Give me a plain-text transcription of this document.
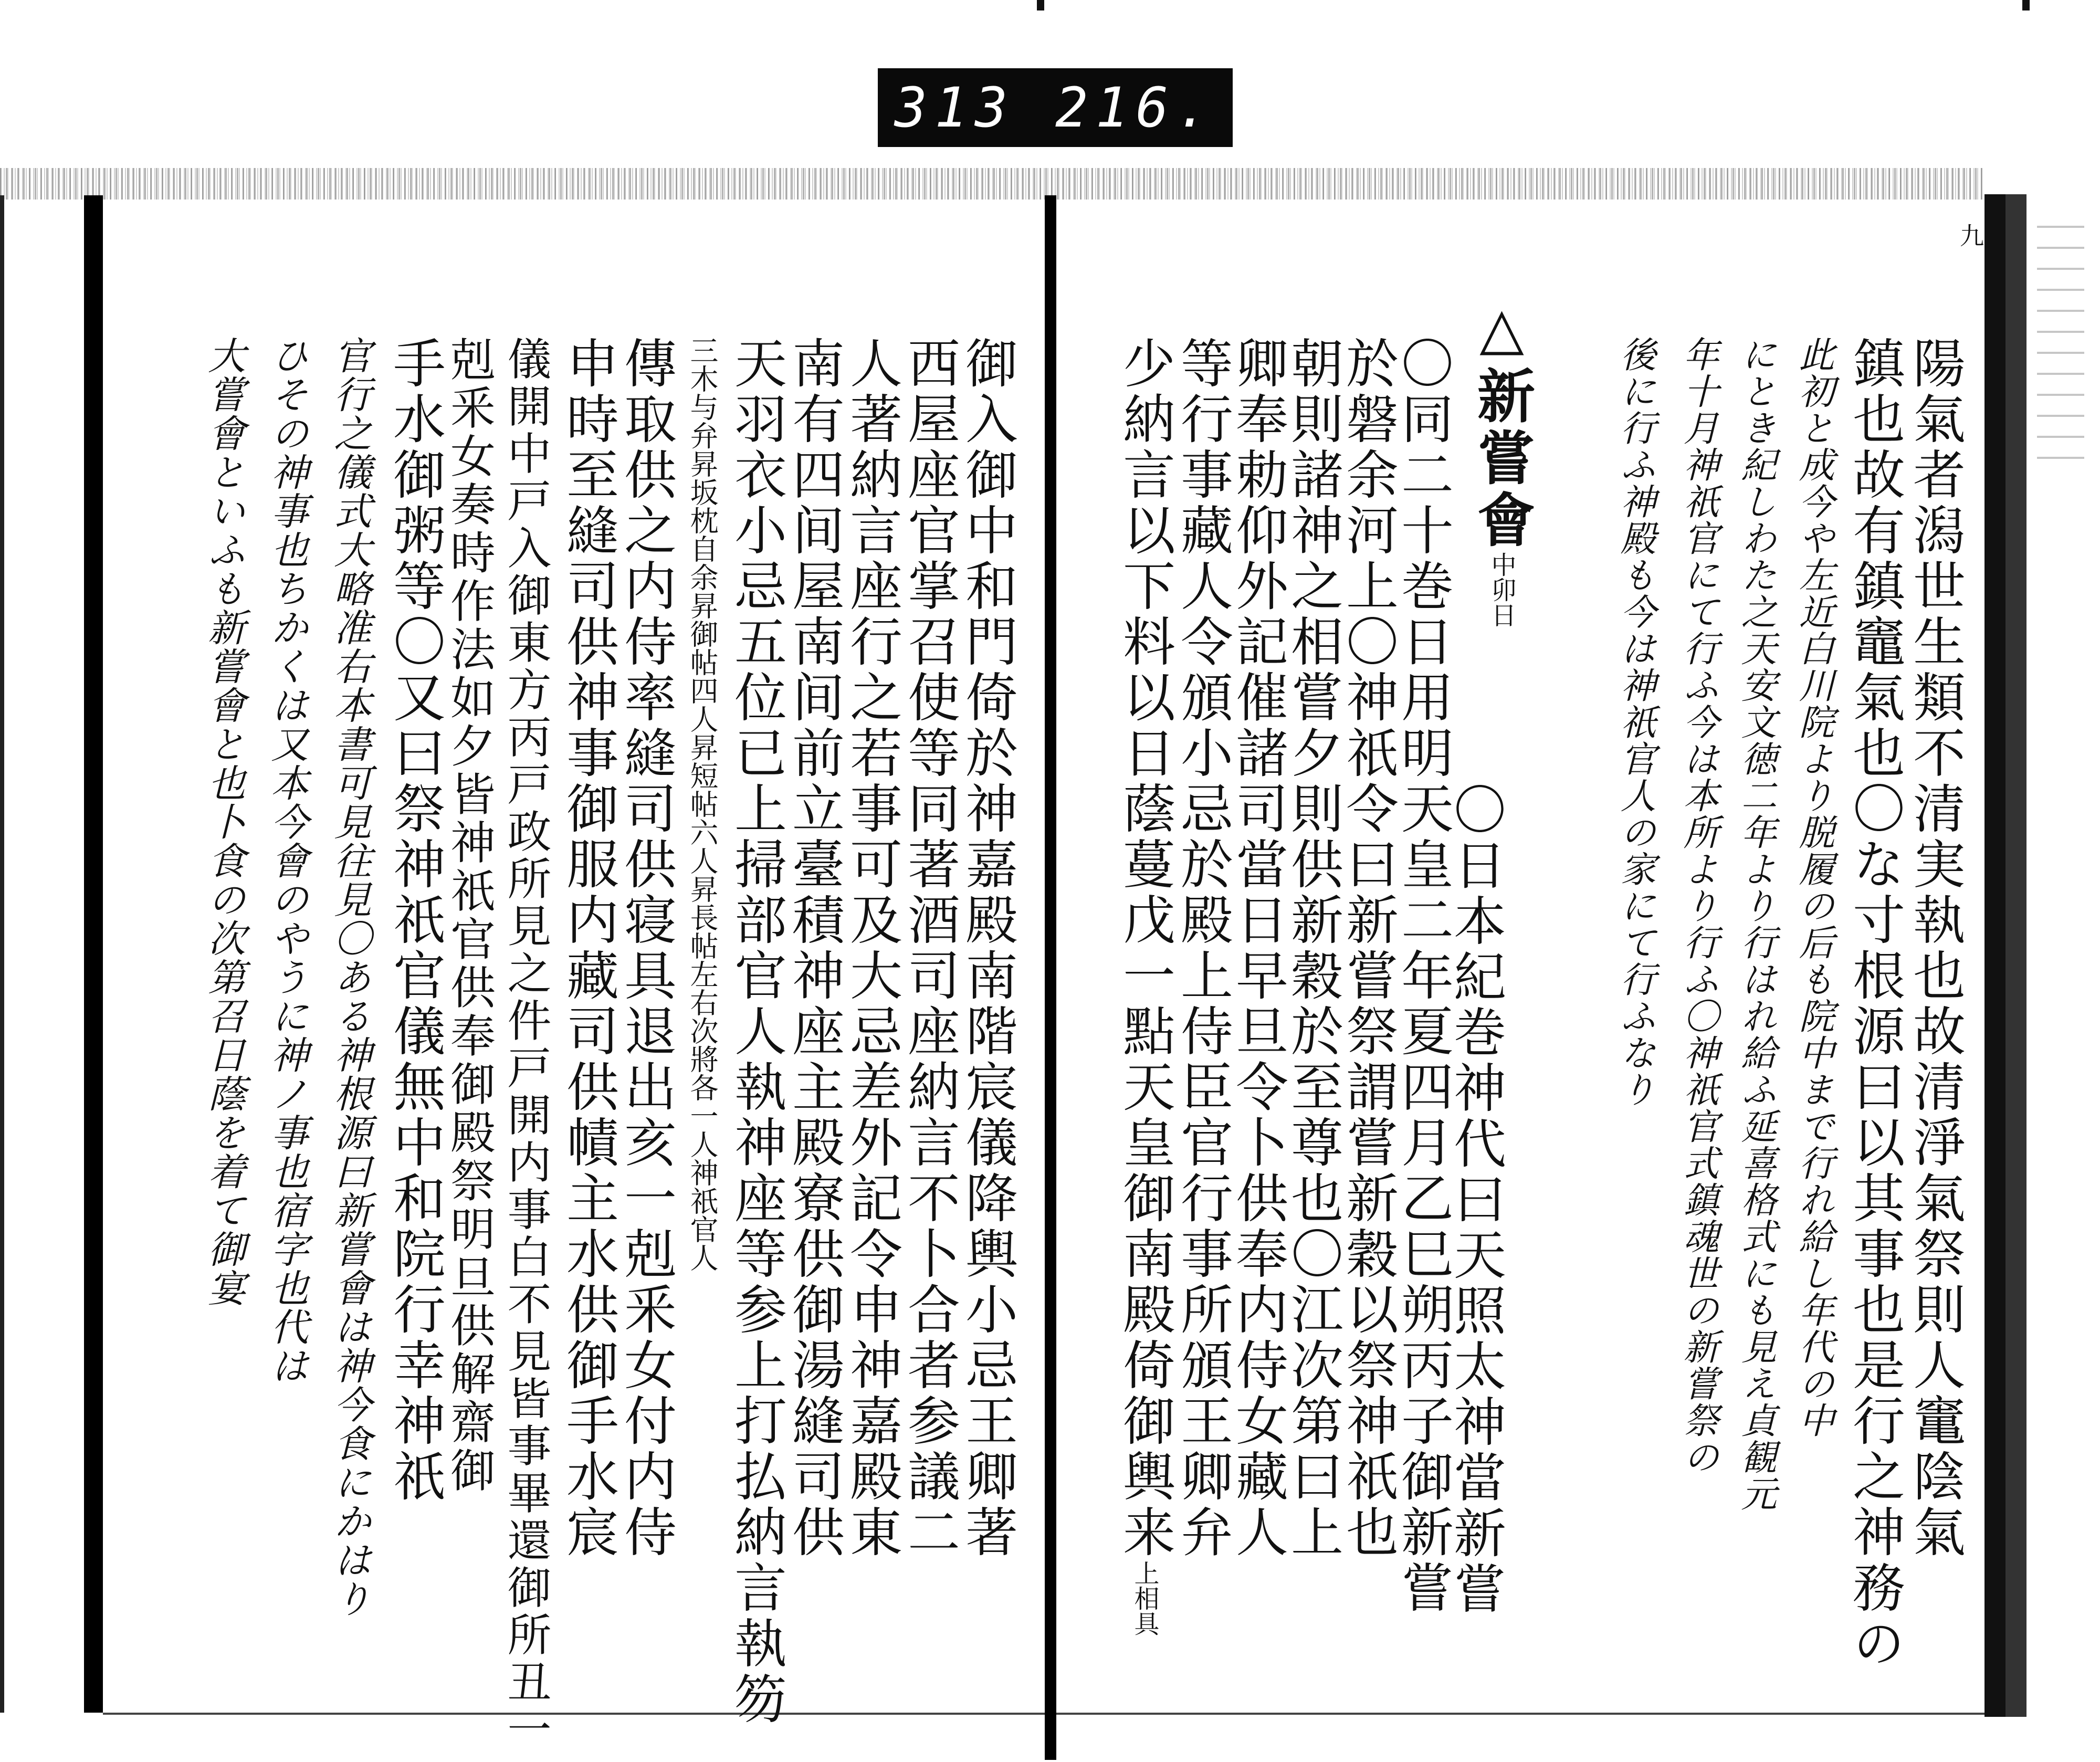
313 216.
九
陽氣者潟世生類不清実執也故清淨氣祭則人竃陰氣
鎮也故有鎮竈氣也〇な寸根源曰以其事也是行之神務の
此初と成今や左近白川院より脱履の后も院中まで行れ給し年代の中
にとき紀しわた之天安文徳二年より行はれ給ふ延喜格式にも見え貞観元
年十月神祇官にて行ふ今は本所より行ふ〇神祇官式鎮魂世の新嘗祭の
後に行ふ神殿も今は神祇官人の家にて行ふなり
△新嘗會中卯日
〇日本紀巻神代曰天照太神當新嘗
〇同二十巻日用明天皇二年夏四月乙巳朔丙子御新嘗
於磐余河上〇神祇令曰新嘗祭謂嘗新穀以祭神祇也
朝則諸神之相嘗夕則供新穀於至尊也〇江次第曰上
卿奉勅仰外記催諸司當日早旦令卜供奉内侍女藏人
等行事藏人令頒小忌於殿上侍臣官行事所頒王卿弁
少納言以下料以日蔭蔓戊一點天皇御南殿倚御輿来上相具
御入御中和門倚於神嘉殿南階宸儀降輿小忌王卿著
西屋座官掌召使等同著酒司座納言不卜合者参議二
人著納言座行之若事可及大忌差外記令申神嘉殿東
南有四间屋南间前立臺積神座主殿寮供御湯縫司供
天羽衣小忌五位已上掃部官人執神座等参上打払納言執笏
三木与弁昇坂枕自余昇御帖四人昇短帖六人昇長帖左右次將各一人神祇官人
傳取供之内侍率縫司供寝具退出亥一剋釆女付内侍
申時至縫司供神事御服内藏司供幘主水供御手水宸
儀開中戸入御東方丙戸政所見之件戸開内事白不見皆事畢還御所丑一
剋釆女奏時作法如夕皆神祇官供奉御殿祭明旦供解齋御
手水御粥等〇又曰祭神祇官儀無中和院行幸神祇
官行之儀式大略准右本書可見往見〇ある神根源曰新嘗會は神今食にかはり
ひその神事也ちかくは又本今會のやうに神ノ事也宿字也代は
大嘗會といふも新嘗會と也卜食の次第召日蔭を着て御宴
